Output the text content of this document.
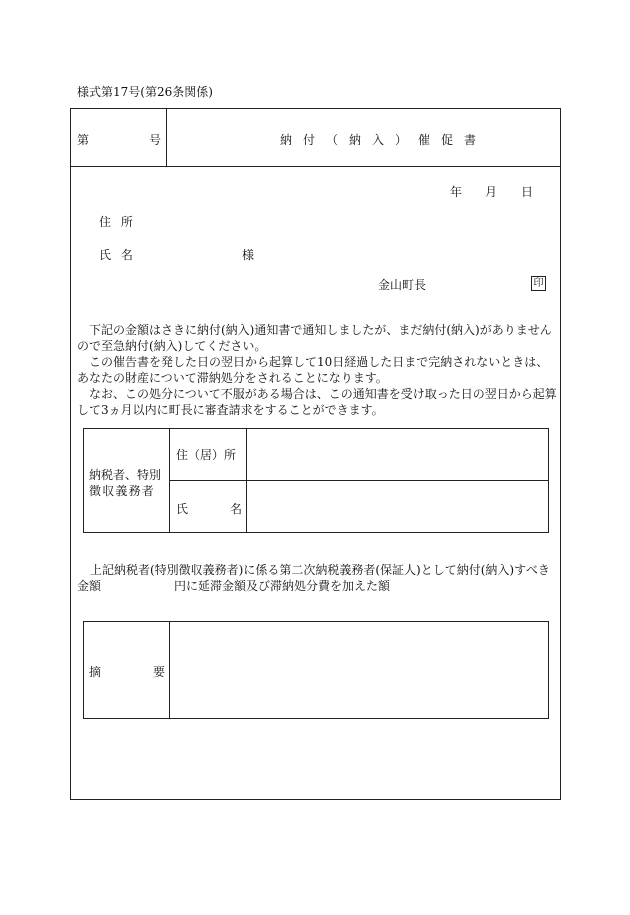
様式第17号(第26条関係)
第	号	納付（納入）催促書
年 月 日
住 所
氏 名	様
金山町長	印

下記の金額はさきに納付(納入)通知書で通知しましたが、まだ納付(納入)がありませんので至急納付(納入)してください。

この催告書を発した日の翌日から起算して10日経過した日まで完納されないときは、あなたの財産について滞納処分をされることになります。

なお、この処分について不服がある場合は、この通知書を受け取った日の翌日から起算して3ヵ月以内に町長に審査請求をすることができます。

納税者、特別
徴収義務者
住（居）所
氏	名
上記納税者(特別徴収義務者)に係る第二次納税義務者(保証人)として納付(納入)すべき
金額	円に延滞金額及び滞納処分費を加えた額
摘	要
